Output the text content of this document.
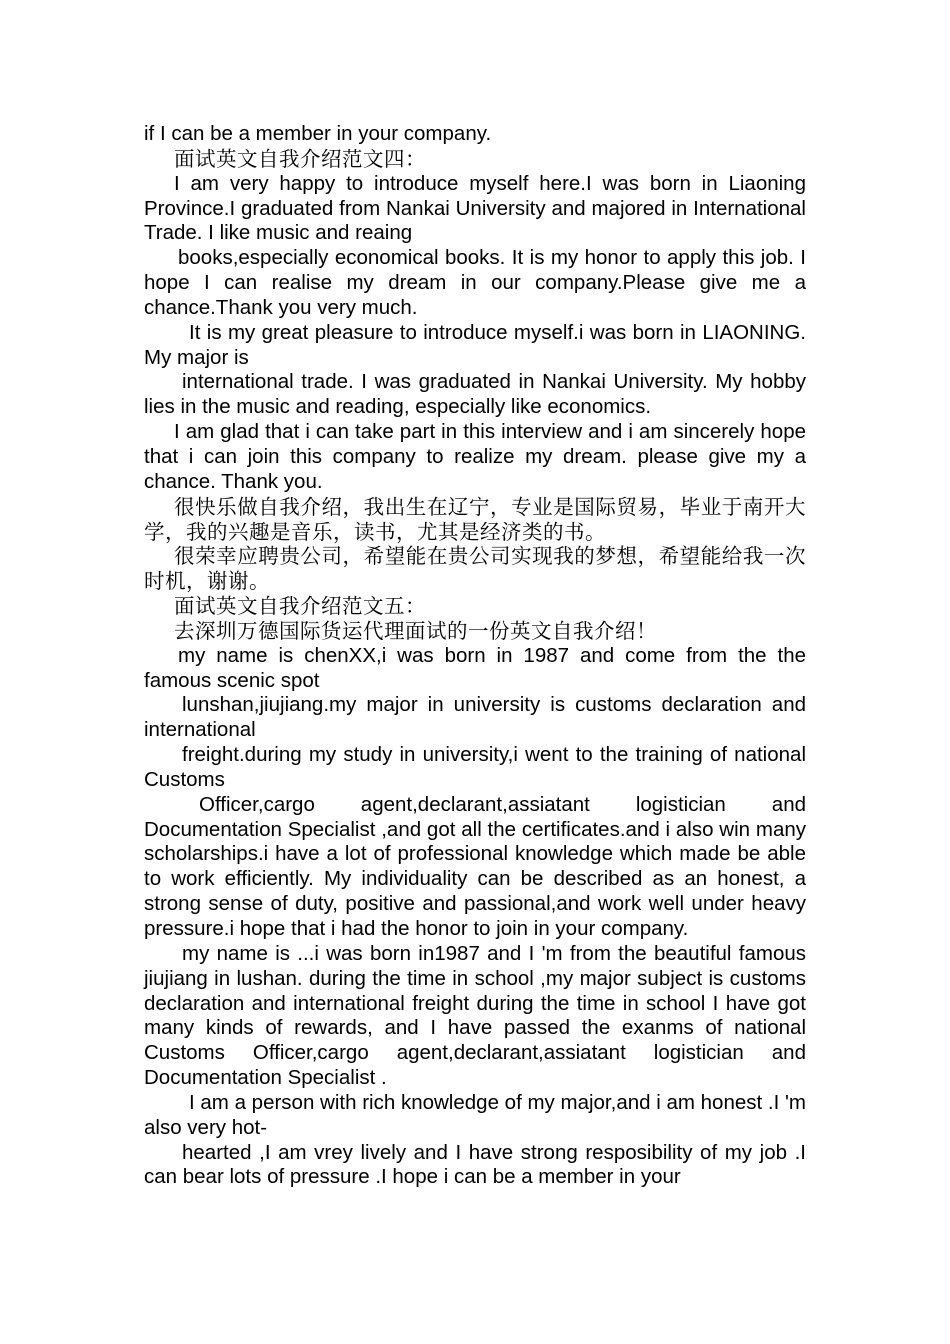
if I can be a member in your company.

面试英文自我介绍范文四：

I am very happy to introduce myself here.I was born in Liaoning Province.I graduated from Nankai University and majored in International Trade. I like music and reaing

books,especially economical books. It is my honor to apply this job. I hope I can realise my dream in our company.Please give me a chance.Thank you very much.

It is my great pleasure to introduce myself.i was born in LIAONING. My major is

international trade. I was graduated in Nankai University. My hobby lies in the music and reading, especially like economics.

I am glad that i can take part in this interview and i am sincerely hope that i can join this company to realize my dream. please give my a chance. Thank you.

很快乐做自我介绍，我出生在辽宁，专业是国际贸易，毕业于南开大学，我的兴趣是音乐，读书，尤其是经济类的书。

很荣幸应聘贵公司，希望能在贵公司实现我的梦想，希望能给我一次时机，谢谢。

面试英文自我介绍范文五：

去深圳万德国际货运代理面试的一份英文自我介绍！

my name is chenXX,i was born in 1987 and come from the the famous scenic spot

lunshan,jiujiang.my major in university is customs declaration and international

freight.during my study in university,i went to the training of national Customs

Officer,cargo agent,declarant,assiatant logistician and Documentation Specialist ,and got all the certificates.and i also win many scholarships.i have a lot of professional knowledge which made be able to work efficiently. My individuality can be described as an honest, a strong sense of duty, positive and passional,and work well under heavy pressure.i hope that i had the honor to join in your company.

my name is ...i was born in1987 and I 'm from the beautiful famous jiujiang in lushan. during the time in school ,my major subject is customs declaration and international freight during the time in school I have got many kinds of rewards, and I have passed the exanms of national Customs Officer,cargo agent,declarant,assiatant logistician and Documentation Specialist .

I am a person with rich knowledge of my major,and i am honest .I 'm also very hot-

hearted ,I am vrey lively and I have strong resposibility of my job .I can bear lots of pressure .I hope i can be a member in your
